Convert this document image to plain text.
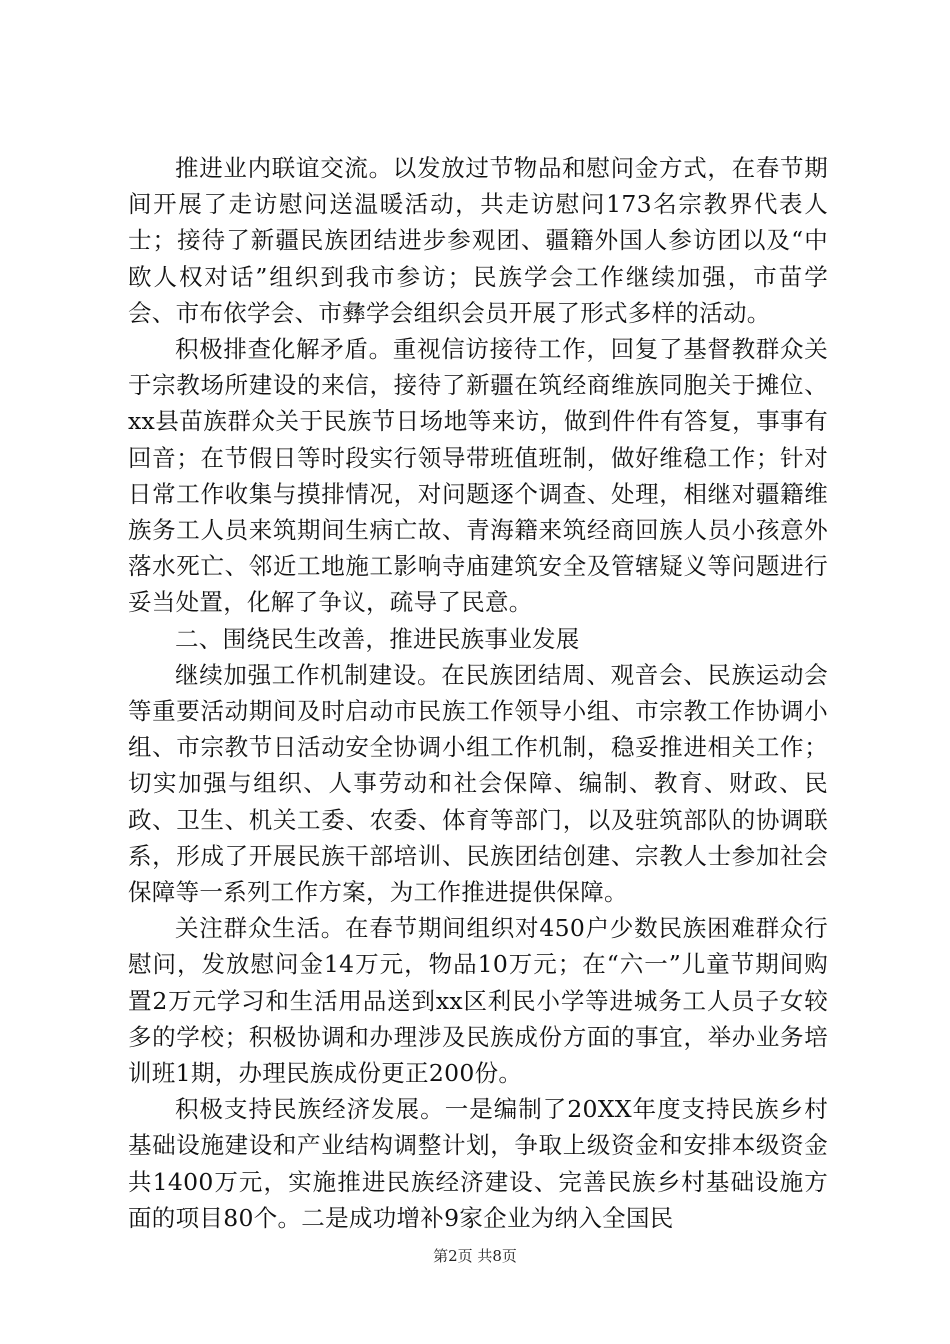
推进业内联谊交流。以发放过节物品和慰问金方式，在春节期间开展了走访慰问送温暖活动，共走访慰问173名宗教界代表人士；接待了新疆民族团结进步参观团、疆籍外国人参访团以及“中欧人权对话”组织到我市参访；民族学会工作继续加强，市苗学会、市布依学会、市彝学会组织会员开展了形式多样的活动。

积极排查化解矛盾。重视信访接待工作，回复了基督教群众关于宗教场所建设的来信，接待了新疆在筑经商维族同胞关于摊位、xx县苗族群众关于民族节日场地等来访，做到件件有答复，事事有回音；在节假日等时段实行领导带班值班制，做好维稳工作；针对日常工作收集与摸排情况，对问题逐个调查、处理，相继对疆籍维族务工人员来筑期间生病亡故、青海籍来筑经商回族人员小孩意外落水死亡、邻近工地施工影响寺庙建筑安全及管辖疑义等问题进行妥当处置，化解了争议，疏导了民意。

二、围绕民生改善，推进民族事业发展

继续加强工作机制建设。在民族团结周、观音会、民族运动会等重要活动期间及时启动市民族工作领导小组、市宗教工作协调小组、市宗教节日活动安全协调小组工作机制，稳妥推进相关工作；切实加强与组织、人事劳动和社会保障、编制、教育、财政、民政、卫生、机关工委、农委、体育等部门，以及驻筑部队的协调联系，形成了开展民族干部培训、民族团结创建、宗教人士参加社会保障等一系列工作方案，为工作推进提供保障。

关注群众生活。在春节期间组织对450户少数民族困难群众行慰问，发放慰问金14万元，物品10万元；在“六一”儿童节期间购置2万元学习和生活用品送到xx区利民小学等进城务工人员子女较多的学校；积极协调和办理涉及民族成份方面的事宜，举办业务培训班1期，办理民族成份更正200份。

积极支持民族经济发展。一是编制了20XX年度支持民族乡村基础设施建设和产业结构调整计划，争取上级资金和安排本级资金共1400万元，实施推进民族经济建设、完善民族乡村基础设施方面的项目80个。二是成功增补9家企业为纳入全国民

第2页 共8页
